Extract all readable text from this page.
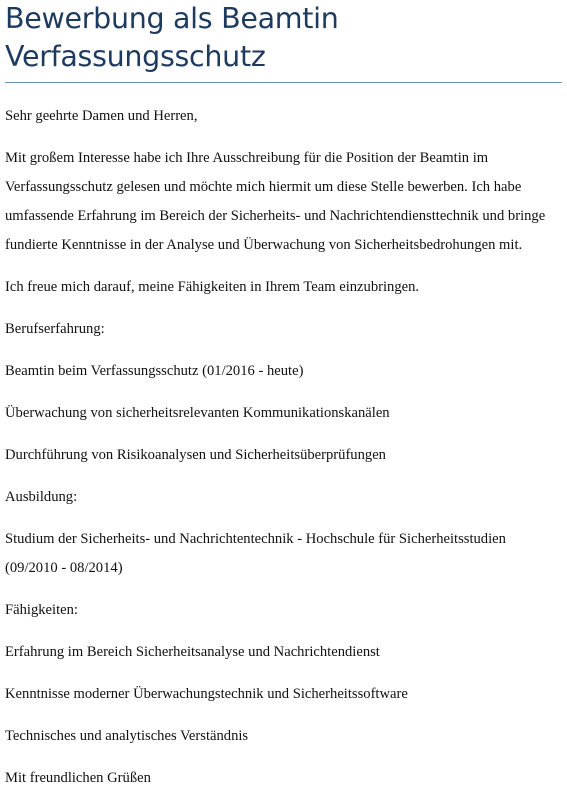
Bewerbung als Beamtin
Verfassungsschutz

Sehr geehrte Damen und Herren,

Mit großem Interesse habe ich Ihre Ausschreibung für die Position der Beamtin im
Verfassungsschutz gelesen und möchte mich hiermit um diese Stelle bewerben. Ich habe
umfassende Erfahrung im Bereich der Sicherheits- und Nachrichtendiensttechnik und bringe
fundierte Kenntnisse in der Analyse und Überwachung von Sicherheitsbedrohungen mit.

Ich freue mich darauf, meine Fähigkeiten in Ihrem Team einzubringen.

Berufserfahrung:

Beamtin beim Verfassungsschutz (01/2016 - heute)

Überwachung von sicherheitsrelevanten Kommunikationskanälen

Durchführung von Risikoanalysen und Sicherheitsüberprüfungen

Ausbildung:

Studium der Sicherheits- und Nachrichtentechnik - Hochschule für Sicherheitsstudien
(09/2010 - 08/2014)

Fähigkeiten:

Erfahrung im Bereich Sicherheitsanalyse und Nachrichtendienst

Kenntnisse moderner Überwachungstechnik und Sicherheitssoftware

Technisches und analytisches Verständnis

Mit freundlichen Grüßen
